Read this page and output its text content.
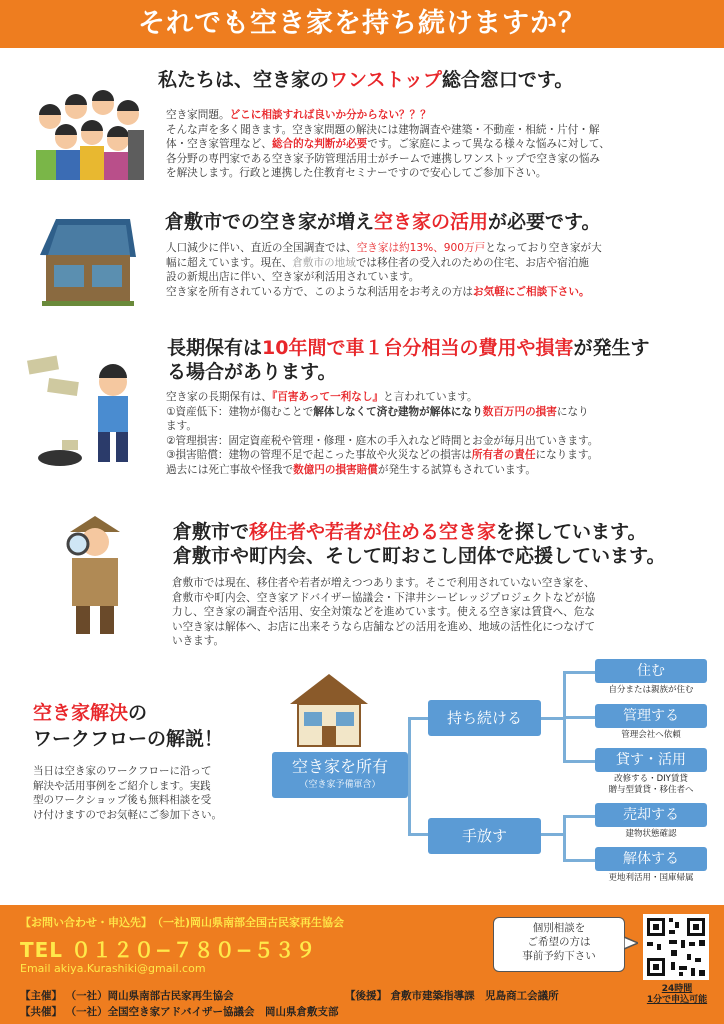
それでも空き家を持ち続けますか？
私たちは、空き家のワンストップ総合窓口です。
空き家問題。どこに相談すれば良いか分からない？？？
そんな声を多く聞きます。空き家問題の解決には建物調査や建築・不動産・相続・片付・解
体・空き家管理など、総合的な判断が必要です。ご家庭によって異なる様々な悩みに対して、
各分野の専門家である空き家予防管理活用士がチームで連携しワンストップで空き家の悩み
を解決します。行政と連携した住教育セミナーですので安心してご参加下さい。
倉敷市での空き家が増え空き家の活用が必要です。
人口減少に伴い、直近の全国調査では、空き家は約13%、900万戸となっており空き家が大
幅に超えています。現在、倉敷市の地域では移住者の受入れのための住宅、お店や宿泊施
設の新規出店に伴い、空き家が利活用されています。
空き家を所有されている方で、このような利活用をお考えの方はお気軽にご相談下さい。
長期保有は10年間で車１台分相当の費用や損害が発生す
る場合があります。
空き家の長期保有は、『百害あって一利なし』と言われています。
①資産低下：建物が傷むことで解体しなくて済む建物が解体になり数百万円の損害になり
ます。
②管理損害：固定資産税や管理・修理・庭木の手入れなど時間とお金が毎月出ていきます。
③損害賠償：建物の管理不足で起こった事故や火災などの損害は所有者の責任になります。
過去には死亡事故や怪我で数億円の損害賠償が発生する試算もされています。
倉敷市で移住者や若者が住める空き家を探しています。
倉敷市や町内会、そして町おこし団体で応援しています。
倉敷市では現在、移住者や若者が増えつつあります。そこで利用されていない空き家を、
倉敷市や町内会、空き家アドバイザー協議会・下津井シービレッジプロジェクトなどが協
力し、空き家の調査や活用、安全対策などを進めています。使える空き家は賃貸へ、危な
い空き家は解体へ、お店に出来そうなら店舗などの活用を進め、地域の活性化につなげて
いきます。
空き家解決の
ワークフローの解説！
当日は空き家のワークフローに沿って
解決や活用事例をご紹介します。実践
型のワークショップ後も無料相談を受
け付けますのでお気軽にご参加下さい。
空き家を所有
（空き家予備軍含）
持ち続ける
手放す
住む
自分または親族が住む
管理する
管理会社へ依頼
貸す・活用
改修する・DIY賃貸
贈与型賃貸・移住者へ
売却する
建物状態確認
解体する
更地利活用・国庫帰属
【お問い合わせ・申込先】　 （一社)岡山県南部全国古民家再生協会
TEL ０１２０−７８０−５３９
Email akiya.Kurashiki@gmail.com
【主催】 （一社）岡山県南部古民家再生協会	【後援】 倉敷市建築指導課　児島商工会議所
【共催】 （一社）全国空き家アドバイザー協議会　岡山県倉敷支部
個別相談を
ご希望の方は
事前予約下さい
24時間
1分で申込可能
